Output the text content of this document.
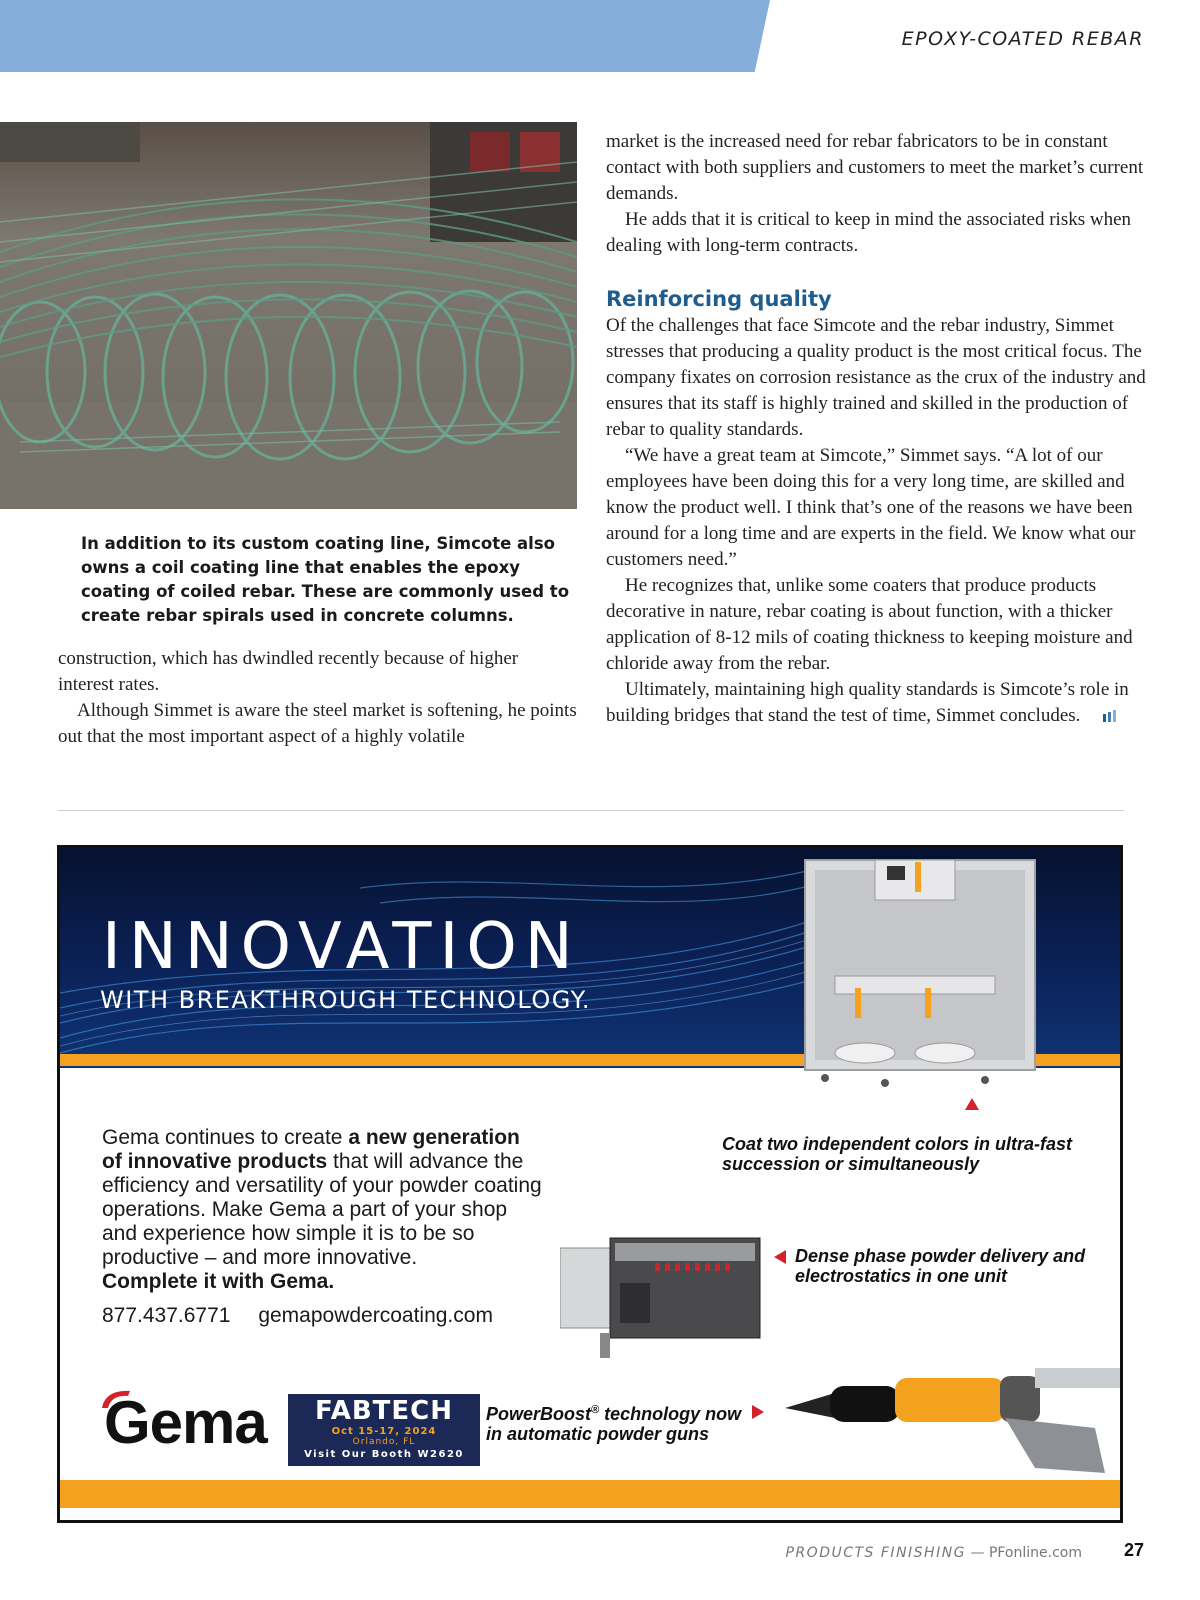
EPOXY-COATED REBAR
In addition to its custom coating line, Simcote also owns a coil coating line that enables the epoxy coating of coiled rebar. These are commonly used to create rebar spirals used in concrete columns.

construction, which has dwindled recently because of higher interest rates.

Although Simmet is aware the steel market is softening, he points out that the most important aspect of a highly volatile

market is the increased need for rebar fabricators to be in constant contact with both suppliers and customers to meet the market’s current demands.

He adds that it is critical to keep in mind the associated risks when dealing with long-term contracts.

Reinforcing quality

Of the challenges that face Simcote and the rebar industry, Simmet stresses that producing a quality product is the most critical focus. The company fixates on corrosion resistance as the crux of the industry and ensures that its staff is highly trained and skilled in the production of rebar to quality standards.

“We have a great team at Simcote,” Simmet says. “A lot of our employees have been doing this for a very long time, are skilled and know the product well. I think that’s one of the reasons we have been around for a long time and are experts in the field. We know what our customers need.”

He recognizes that, unlike some coaters that produce products decorative in nature, rebar coating is about function, with a thicker application of 8-12 mils of coating thickness to keeping moisture and chloride away from the rebar.

Ultimately, maintaining high quality standards is Simcote’s role in building bridges that stand the test of time, Simmet concludes.

INNOVATION
WITH BREAKTHROUGH TECHNOLOGY.
Coat two independent colors in ultra-fast succession or simultaneously
Gema continues to create a new generation of innovative products that will advance the efficiency and versatility of your powder coating operations. Make Gema a part of your shop and experience how simple it is to be so productive – and more innovative.
Complete it with Gema.
877.437.6771 gemapowdercoating.com
Dense phase powder delivery and electrostatics in one unit
PowerBoost® technology now in automatic powder guns
Gema	FABTECH
Oct 15-17, 2024
Orlando, FL
Visit Our Booth W2620
PRODUCTS FINISHING — PFonline.com 27
